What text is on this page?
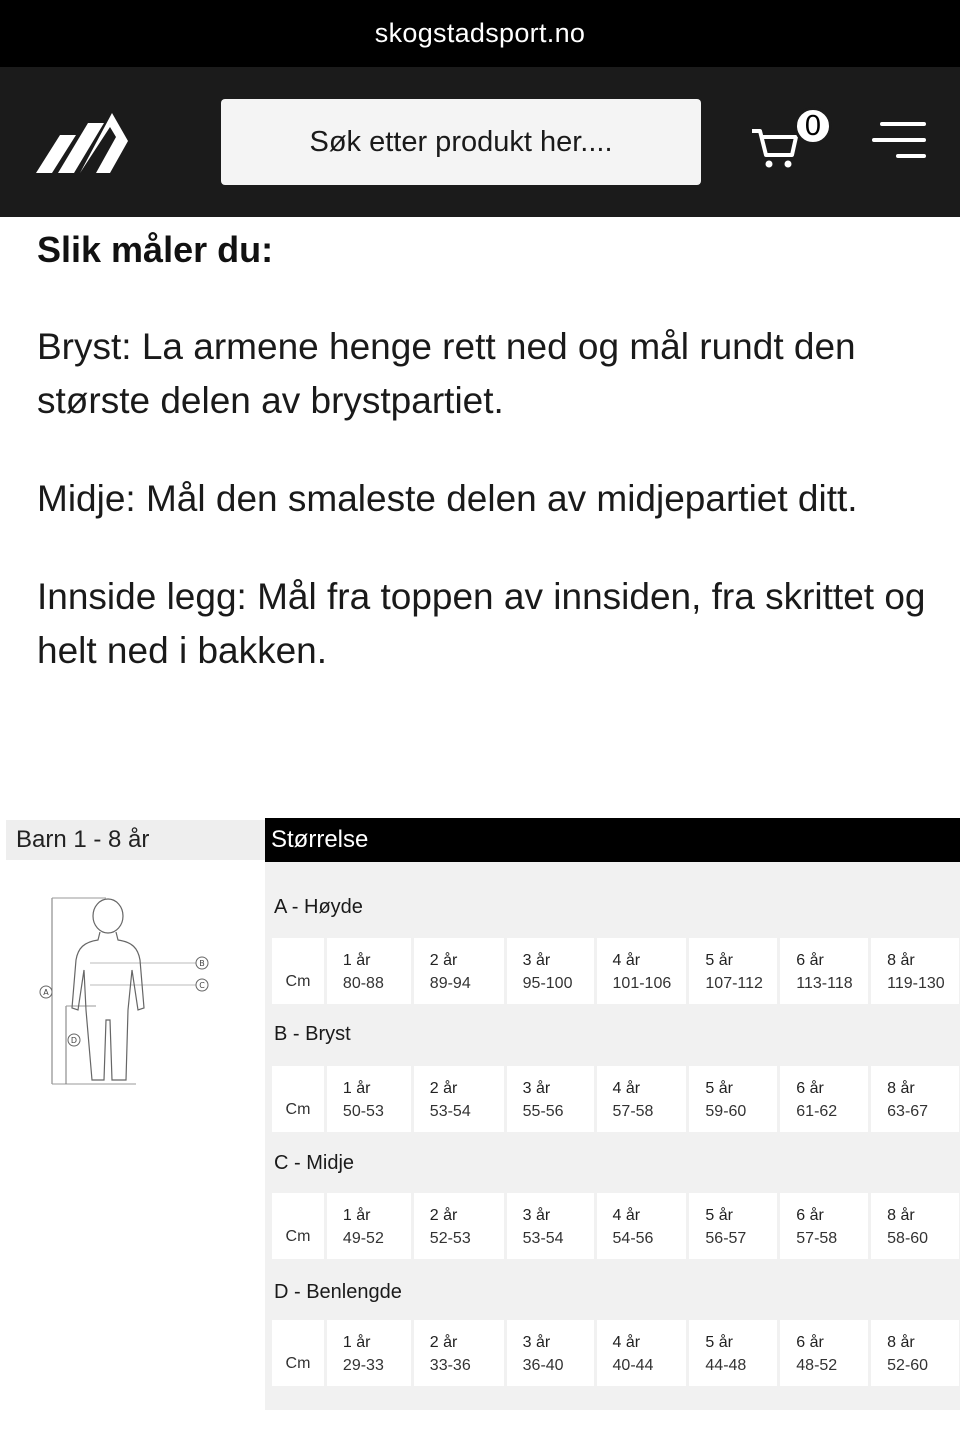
skogstadsport.no
Søk etter produkt her....	0
Slik måler du:

Bryst: La armene henge rett ned og mål rundt den største delen av brystpartiet.

Midje: Mål den smaleste delen av midjepartiet ditt.

Innside legg: Mål fra toppen av innsiden, fra skrittet og helt ned i bakken.

Barn 1 - 8 år
A
B
C
D
Størrelse
A - Høyde
Cm
1 år
80-88
2 år
89-94
3 år
95-100
4 år
101-106
5 år
107-112
6 år
113-118
8 år
119-130
B - Bryst
Cm
1 år
50-53
2 år
53-54
3 år
55-56
4 år
57-58
5 år
59-60
6 år
61-62
8 år
63-67
C - Midje
Cm
1 år
49-52
2 år
52-53
3 år
53-54
4 år
54-56
5 år
56-57
6 år
57-58
8 år
58-60
D - Benlengde
Cm
1 år
29-33
2 år
33-36
3 år
36-40
4 år
40-44
5 år
44-48
6 år
48-52
8 år
52-60
